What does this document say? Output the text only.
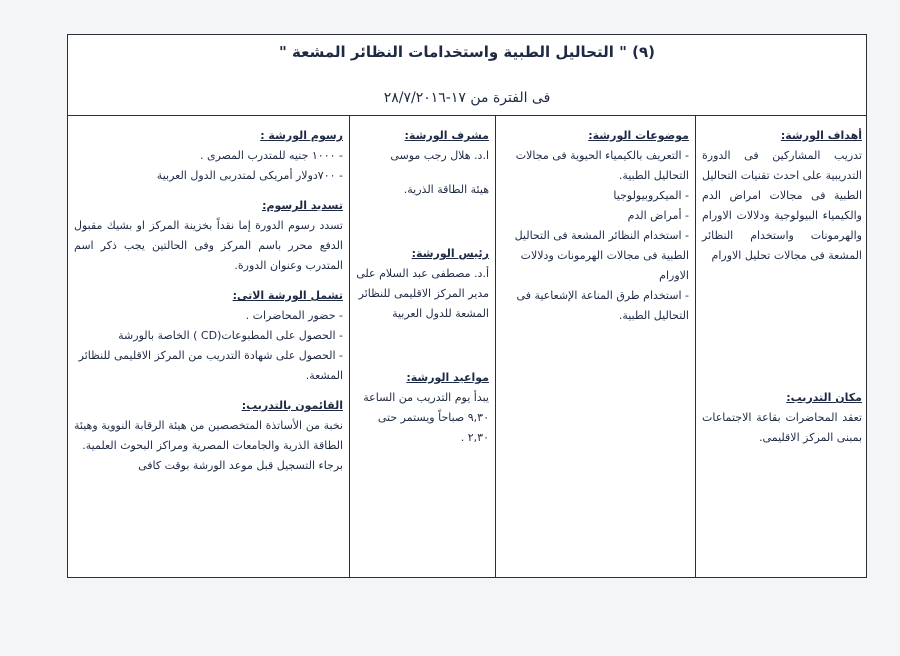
(٩) " التحاليل الطبية واستخدامات النظائر المشعة "
فى الفترة من ١٧-٢٨/٧/٢٠١٦
أهداف الورشة:
تدريب المشاركين فى الدورة التدريبية على احدث تقنيات التحاليل الطبية فى مجالات امراض الدم والكيمياء البيولوجية ودلالات الاورام والهرمونات واستخدام النظائر المشعة فى مجالات تحليل الاورام
مكان التدريب:
تعقد المحاضرات بقاعة الاجتماعات بمبنى المركز الاقليمى.
موضوعات الورشة:
- التعريف بالكيمياء الحيوية فى مجالات التحاليل الطبية.
- الميكروبيولوجيا
- أمراض الدم
- استخدام النظائر المشعة فى التحاليل الطبية فى مجالات الهرمونات ودلالات الاورام
- استخدام طرق المناعة الإشعاعية فى التحاليل الطبية.
مشرف الورشة:
ا.د. هلال رجب موسى
هيئة الطاقة الذرية.
رئيس الورشة:
أ.د. مصطفى عبد السلام على
مدير المركز الاقليمى للنظائر المشعة للدول العربية
مواعيد الورشة:
يبدأ يوم التدريب من الساعة ٩,٣٠ صباحاً ويستمر حتى ٢,٣٠ .
رسوم الورشة :
- ١٠٠٠ جنيه للمتدرب المصرى .
- ٧٠٠دولار أمريكى لمتدربى الدول العربية
تسديد الرسوم:
تسدد رسوم الدورة إما نقداً بخزينة المركز او بشيك مقبول الدفع محرر باسم المركز وفى الحالتين يجب ذكر اسم المتدرب وعنوان الدورة.
تشمل الورشة الاتى:
- حضور المحاضرات .
- الحصول على المطبوعات(CD ) الخاصة بالورشة
- الحصول على شهادة التدريب من المركز الاقليمى للنظائر المشعة.
القائمون بالتدريب:
نخبة من الأساتذة المتخصصين من هيئة الرقابة النووية وهيئة الطاقة الذرية والجامعات المصرية ومراكز البحوث العلمية.
برجاء التسجيل قبل موعد الورشة بوقت كافى
